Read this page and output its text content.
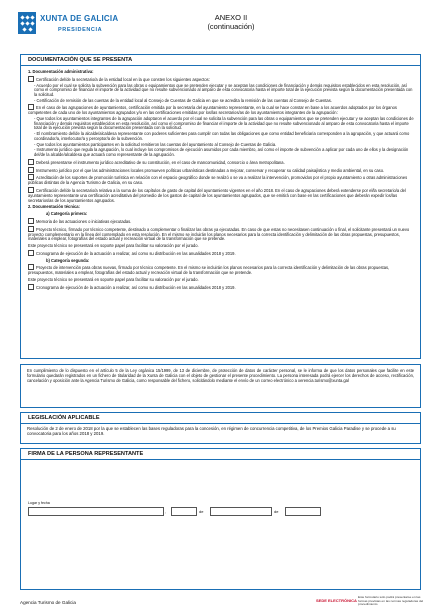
XUNTA DE GALICIA
PRESIDENCIA
ANEXO II
(continuación)
DOCUMENTACIÓN QUE SE PRESENTA

1. Documentación administrativa:

Certificación del/de la secretario/a de la entidad local en la que consten los siguientes aspectos:

- Acuerdo por el cual se solicita la subvención para las obras o equipamientos que se pretenden ejecutar y se aceptan las condiciones de financiación y demás requisitos establecidos en esta resolución, así como el compromiso de financiar el importe de la actividad que no resulte subvencionado al amparo de esta convocatoria hasta el importe total de la ejecución prevista según la documentación presentada con la solicitud.

- Certificación de remisión de las cuentas de la entidad local al Consejo de Cuentas de Galicia en que se acredita la remisión de las cuentas al Consejo de Cuentas.

En el caso de las agrupaciones de ayuntamientos, certificación emitida por la secretaría del ayuntamiento representante, en la cual se hace constar en base a los acuerdos adoptados por los órganos competentes de cada uno de los ayuntamientos agrupados y/o en las certificaciones emitidas por los/las secretarios/as de los ayuntamientos integrantes de la agrupación:

- Que todos los ayuntamientos integrantes de la agrupación adoptaron el acuerdo por el cual se solicita la subvención para las obras o equipamientos que se pretenden ejecutar y se aceptan las condiciones de financiación y demás requisitos establecidos en esta resolución, así como el compromiso de financiar el importe de la actividad que no resulte subvencionado al amparo de esta convocatoria hasta el importe total de la ejecución prevista según la documentación presentada con la solicitud.

- El nombramiento del/de la alcalde/alcaldesa representante con poderes suficientes para cumplir con todas las obligaciones que como entidad beneficiaria corresponden a la agrupación, y que actuará como coordinador/a, interlocutor/a y perceptor/a de la subvención.

- Que todos los ayuntamientos participantes en la solicitud remitieron las cuentas del ayuntamiento al Consejo de Cuentas de Galicia.

- Instrumento jurídico que regula la agrupación, lo cual incluye los compromisos de ejecución asumidos por cada miembro, así como el importe de subvención a aplicar por cada uno de ellos y la designación del/de la alcalde/alcaldesa que actuará como representante de la agrupación.

Deberá presentarse el instrumento jurídico acreditativo de su constitución, en el caso de mancomunidad, consorcio o área metropolitana.

Instrumento jurídico por el que las administraciones locales promueven políticas urbanísticas destinadas a mejorar, conservar y recuperar su calidad paisajística y medio ambiental, en su caso.

Acreditación de los soportes de promoción turística en relación con el espacio geográfico donde se realizó o se va a realizar la intervención, promovidos por el propio ayuntamiento u otras administraciones públicas distintas de la Agencia Turismo de Galicia, en su caso.

Certificación del/de la secretario/a relativa a la suma de los capítulos de gasto de capital del ayuntamiento vigentes en el año 2018. En el caso de agrupaciones deberá extenderse por el/la secretario/a del ayuntamiento representante una certificación acreditativa del promedio de los gastos de capital de los ayuntamientos agrupados, que se emitirá con base en las certificaciones que deberán expedir los/las secretarios/as de los ayuntamientos agrupados.

2. Documentación técnica:

a) Categoría primera:

Memoria de las actuaciones o iniciativas ejecutadas.

Proyecto técnico, firmado por técnico competente, destinado a complementar o finalizar las obras ya ejecutadas. En caso de que estas no necesitasen continuación o final, el solicitante presentará un nuevo proyecto complementario en la línea del contemplado en esta resolución. En el mismo se incluirán los planos necesarios para la correcta identificación y delimitación de las obras propuestas, presupuestos, materiales a emplear, fotografías del estado actual y recreación virtual de la transformación que se pretende.

Este proyecto técnico se presentará en soporte papel para facilitar su valoración por el jurado.

Cronograma de ejecución de la actuación a realizar, así como su distribución en las anualidades 2018 y 2019.

b) Categoría segunda:

Proyecto de intervención para obras nuevas, firmado por técnico competente. En el mismo se incluirán los planos necesarios para la correcta identificación y delimitación de las obras propuestas, presupuestos, materiales a emplear, fotografías del estado actual y recreación virtual de la transformación que se pretende.

Este proyecto técnico se presentará en soporte papel para facilitar su valoración por el jurado.

Cronograma de ejecución de la actuación a realizar, así como su distribución en las anualidades 2018 y 2019.

En cumplimiento de lo dispuesto en el artículo 5 de la Ley orgánica 15/1999, de 13 de diciembre, de protección de datos de carácter personal, se le informa de que los datos personales que facilite en este formulario quedarán registrados en un fichero de titularidad de la Xunta de Galicia con el objeto de gestionar el presente procedimiento. La persona interesada podrá ejercer los derechos de acceso, rectificación, cancelación y oposición ante la Agencia Turismo de Galicia, como responsable del fichero, solicitándolo mediante el envío de un correo electrónico a xerencia.turismo@xunta.gal
LEGISLACIÓN APLICABLE
Resolución de 2 de enero de 2018 por la que se establecen las bases reguladoras para la concesión, en régimen de concurrencia competitiva, de los Premios Galicia Paradise y se procede a su convocatoria para los años 2018 y 2019.
FIRMA DE LA PERSONA REPRESENTANTE
Lugar y fecha
,	de	de
Agencia Turismo de Galicia	SEDE ELECTRÓNICA
Este formulario sólo podrá presentarse en las formas previstas en las normas reguladoras del procedimiento
